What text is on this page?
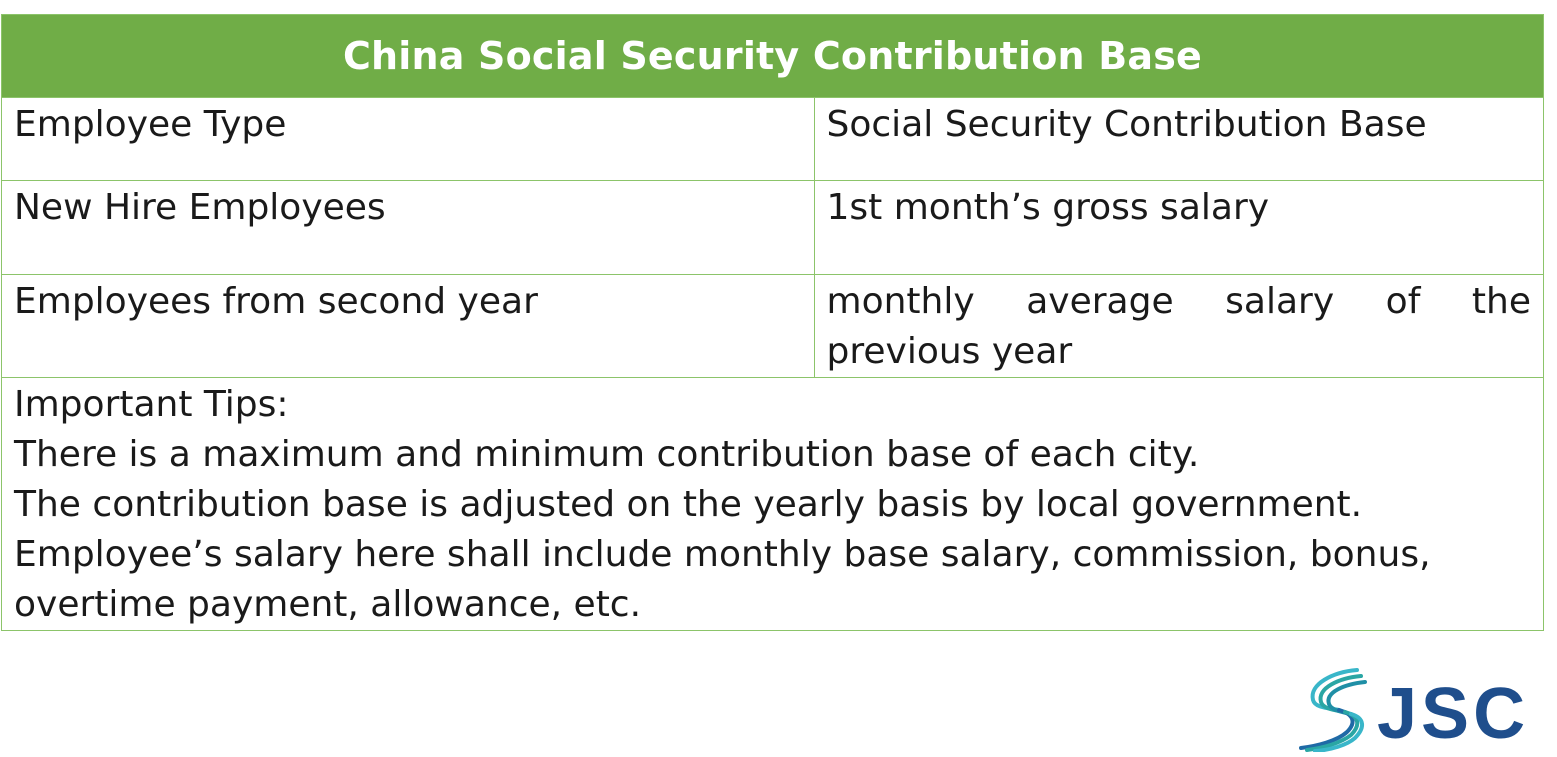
China Social Security Contribution Base	

Employee Type	Social Security Contribution Base

New Hire Employees	1st month’s gross salary

Employees from second year	monthly average salary of the previous year

Important Tips:
There is a maximum and minimum contribution base of each city.
The contribution base is adjusted on the yearly basis by local government.
Employee’s salary here shall include monthly base salary, commission, bonus, overtime payment, allowance, etc.	
JSC
